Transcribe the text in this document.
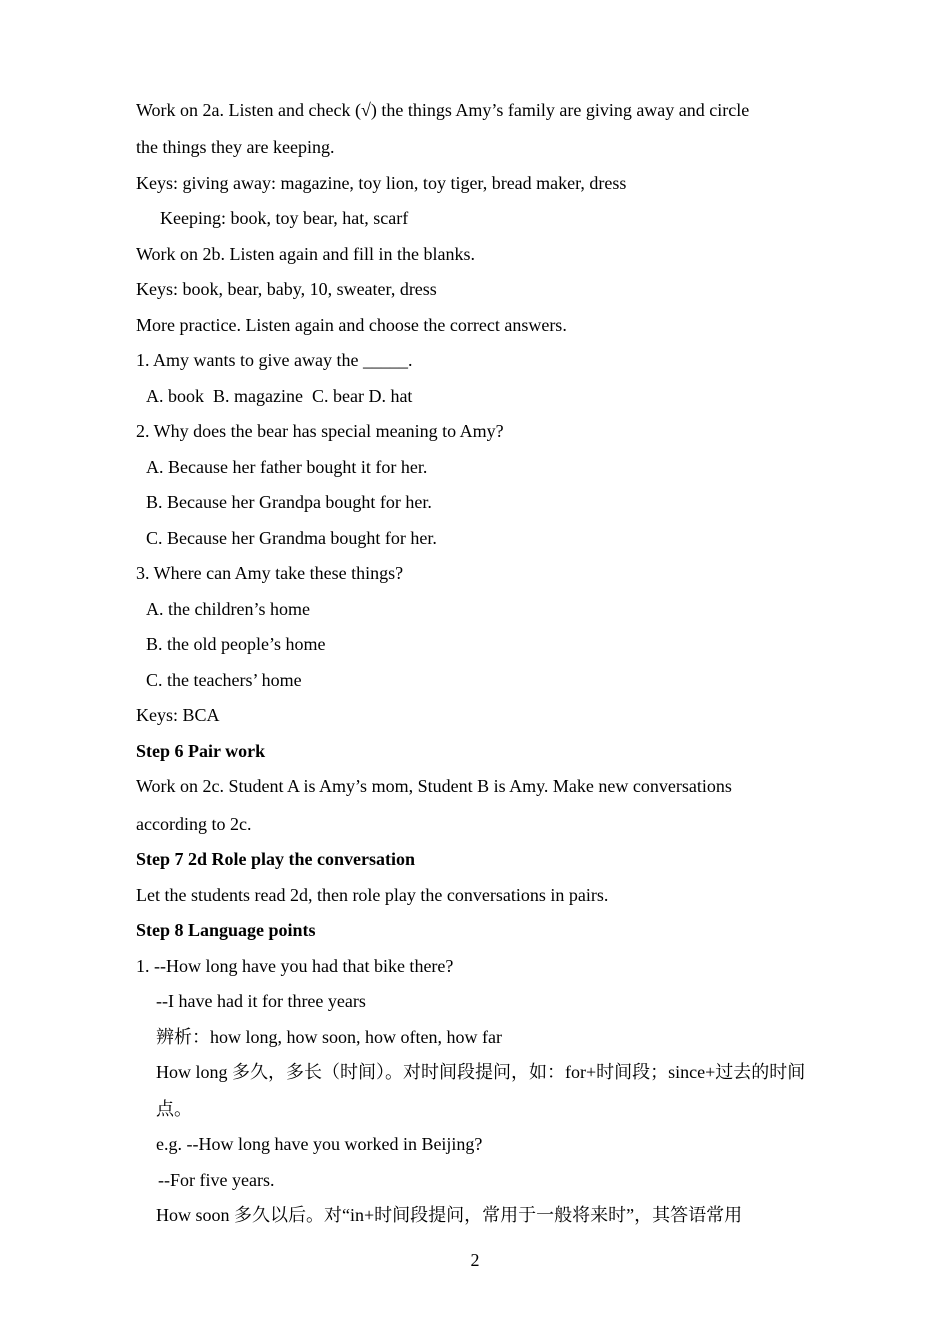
Work on 2a. Listen and check (√) the things Amy’s family are giving away and circle
the things they are keeping.
Keys: giving away: magazine, toy lion, toy tiger, bread maker, dress
Keeping: book, toy bear, hat, scarf
Work on 2b. Listen again and fill in the blanks.
Keys: book, bear, baby, 10, sweater, dress
More practice. Listen again and choose the correct answers.
1. Amy wants to give away the _____.
A. book  B. magazine  C. bear D. hat
2. Why does the bear has special meaning to Amy?
A. Because her father bought it for her.
B. Because her Grandpa bought for her.
C. Because her Grandma bought for her.
3. Where can Amy take these things?
A. the children’s home
B. the old people’s home
C. the teachers’ home
Keys: BCA
Step 6 Pair work
Work on 2c. Student A is Amy’s mom, Student B is Amy. Make new conversations
according to 2c.
Step 7 2d Role play the conversation
Let the students read 2d, then role play the conversations in pairs.
Step 8 Language points
1. --How long have you had that bike there?
--I have had it for three years
辨析：how long, how soon, how often, how far
How long 多久，多长（时间）。对时间段提问，如：for+时间段；since+过去的时间
点。
e.g. --How long have you worked in Beijing?
--For five years.
How soon 多久以后。对“in+时间段提问，常用于一般将来时”，其答语常用
2
